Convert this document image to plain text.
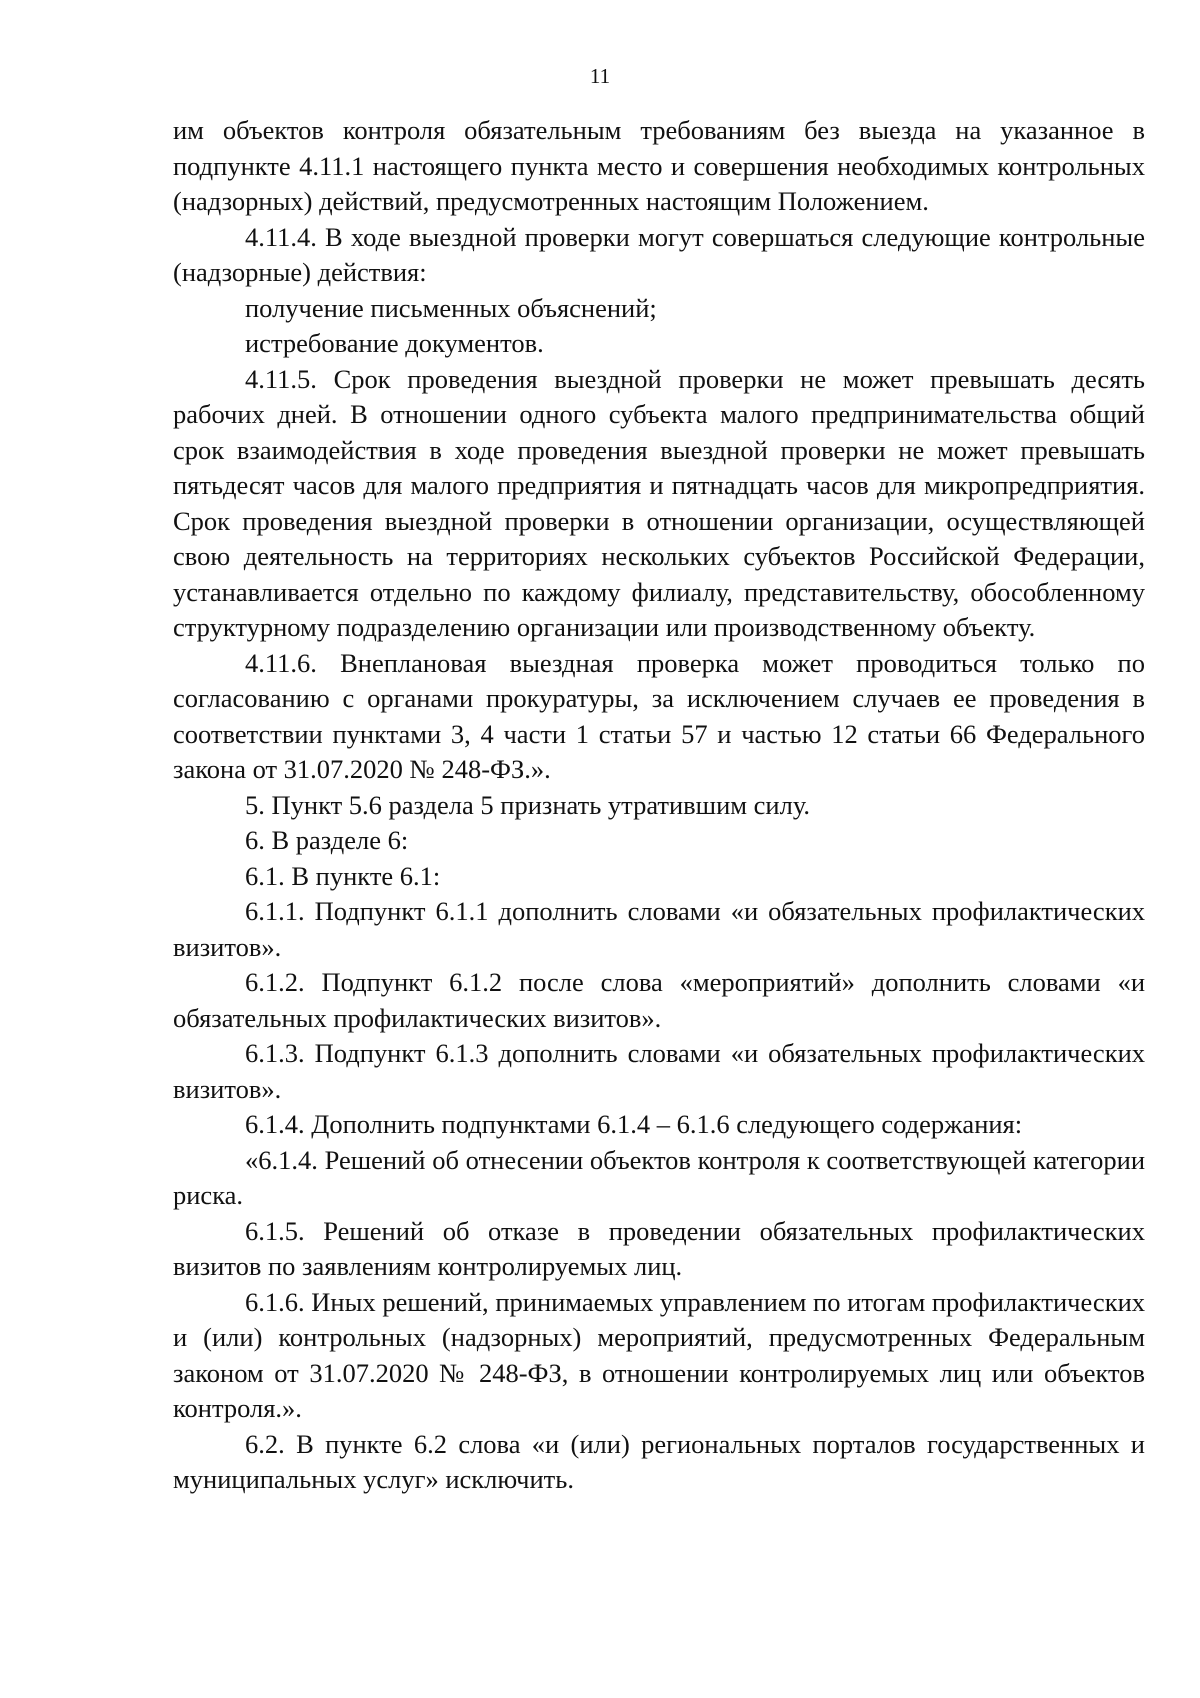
11

им объектов контроля обязательным требованиям без выезда на указанное в подпункте 4.11.1 настоящего пункта место и совершения необходимых контрольных (надзорных) действий, предусмотренных настоящим Положением.

4.11.4. В ходе выездной проверки могут совершаться следующие контрольные (надзорные) действия:

получение письменных объяснений;

истребование документов.

4.11.5. Срок проведения выездной проверки не может превышать десять рабочих дней. В отношении одного субъекта малого предпринимательства общий срок взаимодействия в ходе проведения выездной проверки не может превышать пятьдесят часов для малого предприятия и пятнадцать часов для микропредприятия. Срок проведения выездной проверки в отношении организации, осуществляющей свою деятельность на территориях нескольких субъектов Российской Федерации, устанавливается отдельно по каждому филиалу, представительству, обособленному структурному подразделению организации или производственному объекту.

4.11.6. Внеплановая выездная проверка может проводиться только по согласованию с органами прокуратуры, за исключением случаев ее проведения в соответствии пунктами 3, 4 части 1 статьи 57 и частью 12 статьи 66 Федерального закона от 31.07.2020 № 248-ФЗ.».

5. Пункт 5.6 раздела 5 признать утратившим силу.

6. В разделе 6:

6.1. В пункте 6.1:

6.1.1. Подпункт 6.1.1 дополнить словами «и обязательных профилактических визитов».

6.1.2. Подпункт 6.1.2 после слова «мероприятий» дополнить словами «и обязательных профилактических визитов».

6.1.3. Подпункт 6.1.3 дополнить словами «и обязательных профилактических визитов».

6.1.4. Дополнить подпунктами 6.1.4 – 6.1.6 следующего содержания:

«6.1.4. Решений об отнесении объектов контроля к соответствующей категории риска.

6.1.5. Решений об отказе в проведении обязательных профилактических визитов по заявлениям контролируемых лиц.

6.1.6. Иных решений, принимаемых управлением по итогам профилактических и (или) контрольных (надзорных) мероприятий, предусмотренных Федеральным законом от 31.07.2020 № 248-ФЗ, в отношении контролируемых лиц или объектов контроля.».

6.2. В пункте 6.2 слова «и (или) региональных порталов государственных и муниципальных услуг» исключить.
